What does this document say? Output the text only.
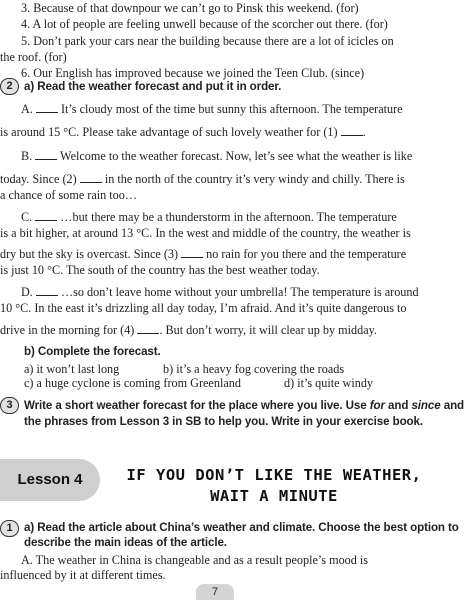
3. Because of that downpour we can’t go to Pinsk this weekend. (for)

4. A lot of people are feeling unwell because of the scorcher out there. (for)

5. Don’t park your cars near the building because there are a lot of icicles on

the roof. (for)

6. Our English has improved because we joined the Teen Club. (since)

2 a) Read the weather forecast and put it in order.

A.  It’s cloudy most of the time but sunny this afternoon. The temperature

is around 15 °C. Please take advantage of such lovely weather for (1) .

B.  Welcome to the weather forecast. Now, let’s see what the weather is like

today. Since (2)  in the north of the country it’s very windy and chilly. There is

a chance of some rain too…

C.  …but there may be a thunderstorm in the afternoon. The temperature

is a bit higher, at around 13 °C. In the west and middle of the country, the weather is

dry but the sky is overcast. Since (3)  no rain for you there and the temperature

is just 10 °C. The south of the country has the best weather today.

D.  …so don’t leave home without your umbrella! The temperature is around

10 °C. In the east it’s drizzling all day today, I’m afraid. And it’s quite dangerous to

drive in the morning for (4) . But don’t worry, it will clear up by midday.

b) Complete the forecast.

a) it won’t last long	b) it’s a heavy fog covering the roads

c) a huge cyclone is coming from Greenland	d) it’s quite windy

3 Write a short weather forecast for the place where you live. Use for and since and

the phrases from Lesson 3 in SB to help you. Write in your exercise book.

Lesson 4	IF YOU DON’T LIKE THE WEATHER,
WAIT A MINUTE
1 a) Read the article about China’s weather and climate. Choose the best option to

describe the main ideas of the article.

A. The weather in China is changeable and as a result people’s mood is

influenced by it at different times.

7
